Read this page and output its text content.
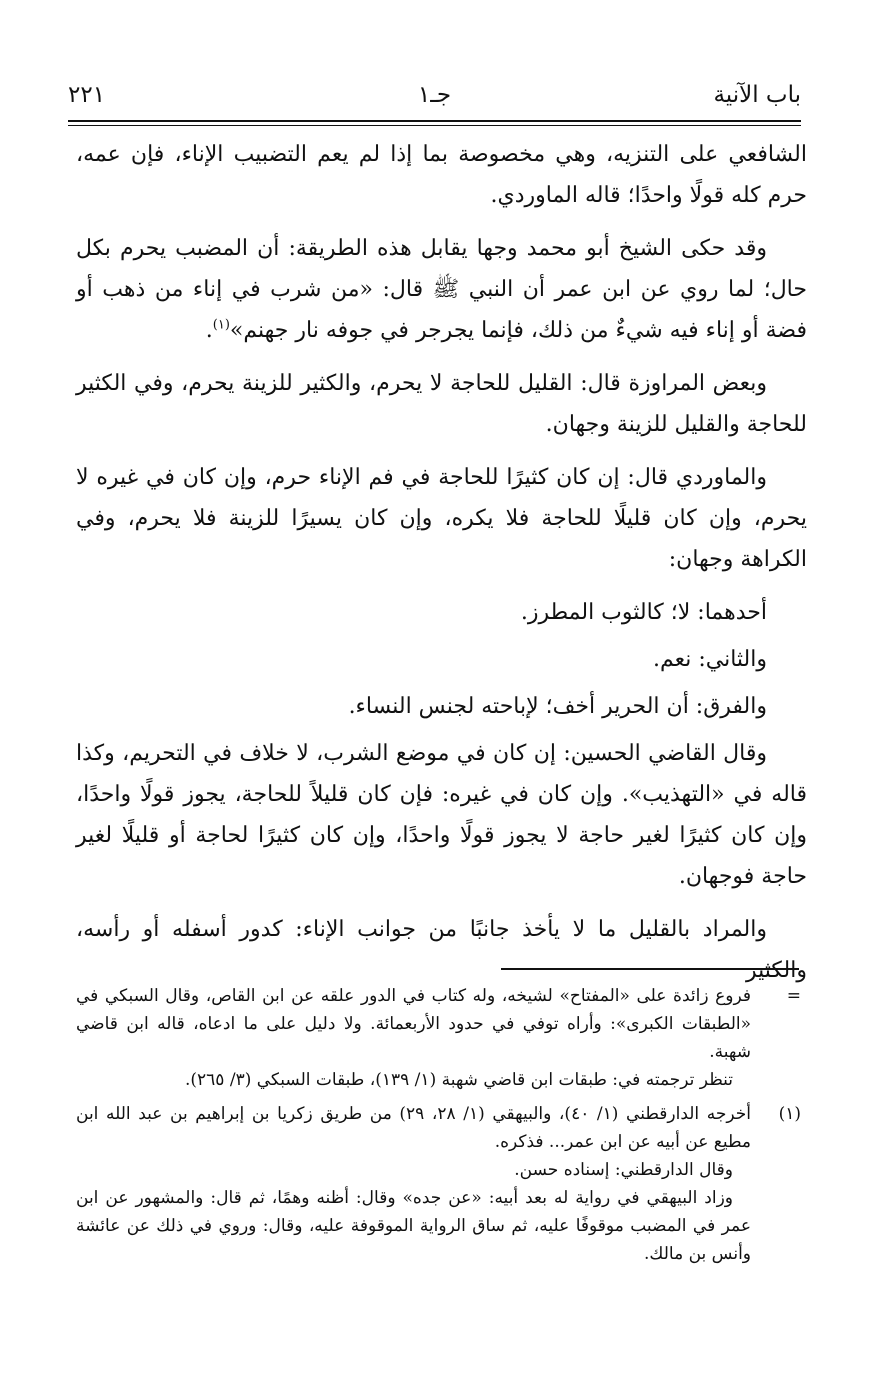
باب الآنية
جـ١
٢٢١

الشافعي على التنزيه، وهي مخصوصة بما إذا لم يعم التضبيب الإناء، فإن عمه، حرم كله قولًا واحدًا؛ قاله الماوردي.

وقد حكى الشيخ أبو محمد وجها يقابل هذه الطريقة: أن المضبب يحرم بكل حال؛ لما روي عن ابن عمر أن النبي ﷺ قال: «من شرب في إناء من ذهب أو فضة أو إناء فيه شيءٌ من ذلك، فإنما يجرجر في جوفه نار جهنم»$^{(١)}$.

وبعض المراوزة قال: القليل للحاجة لا يحرم، والكثير للزينة يحرم، وفي الكثير للحاجة والقليل للزينة وجهان.

والماوردي قال: إن كان كثيرًا للحاجة في فم الإناء حرم، وإن كان في غيره لا يحرم، وإن كان قليلًا للحاجة فلا يكره، وإن كان يسيرًا للزينة فلا يحرم، وفي الكراهة وجهان:

أحدهما: لا؛ كالثوب المطرز.

والثاني: نعم.

والفرق: أن الحرير أخف؛ لإباحته لجنس النساء.

وقال القاضي الحسين: إن كان في موضع الشرب، لا خلاف في التحريم، وكذا قاله في «التهذيب». وإن كان في غيره: فإن كان قليلاً للحاجة، يجوز قولًا واحدًا، وإن كان كثيرًا لغير حاجة لا يجوز قولًا واحدًا، وإن كان كثيرًا لحاجة أو قليلًا لغير حاجة فوجهان.

والمراد بالقليل ما لا يأخذ جانبًا من جوانب الإناء: كدور أسفله أو رأسه، والكثير

=

فروع زائدة على «المفتاح» لشيخه، وله كتاب في الدور علقه عن ابن القاص، وقال السبكي في «الطبقات الكبرى»: وأراه توفي في حدود الأربعمائة. ولا دليل على ما ادعاه، قاله ابن قاضي شهبة.

تنظر ترجمته في: طبقات ابن قاضي شهبة (١/ ١٣٩)، طبقات السبكي (٣/ ٢٦٥).

(١)

أخرجه الدارقطني (١/ ٤٠)، والبيهقي (١/ ٢٨، ٢٩) من طريق زكريا بن إبراهيم بن عبد الله ابن مطيع عن أبيه عن ابن عمر... فذكره.

وقال الدارقطني: إسناده حسن.

وزاد البيهقي في رواية له بعد أبيه: «عن جده» وقال: أظنه وهمًا، ثم قال: والمشهور عن ابن عمر في المضبب موقوفًا عليه، ثم ساق الرواية الموقوفة عليه، وقال: وروي في ذلك عن عائشة وأنس بن مالك.
